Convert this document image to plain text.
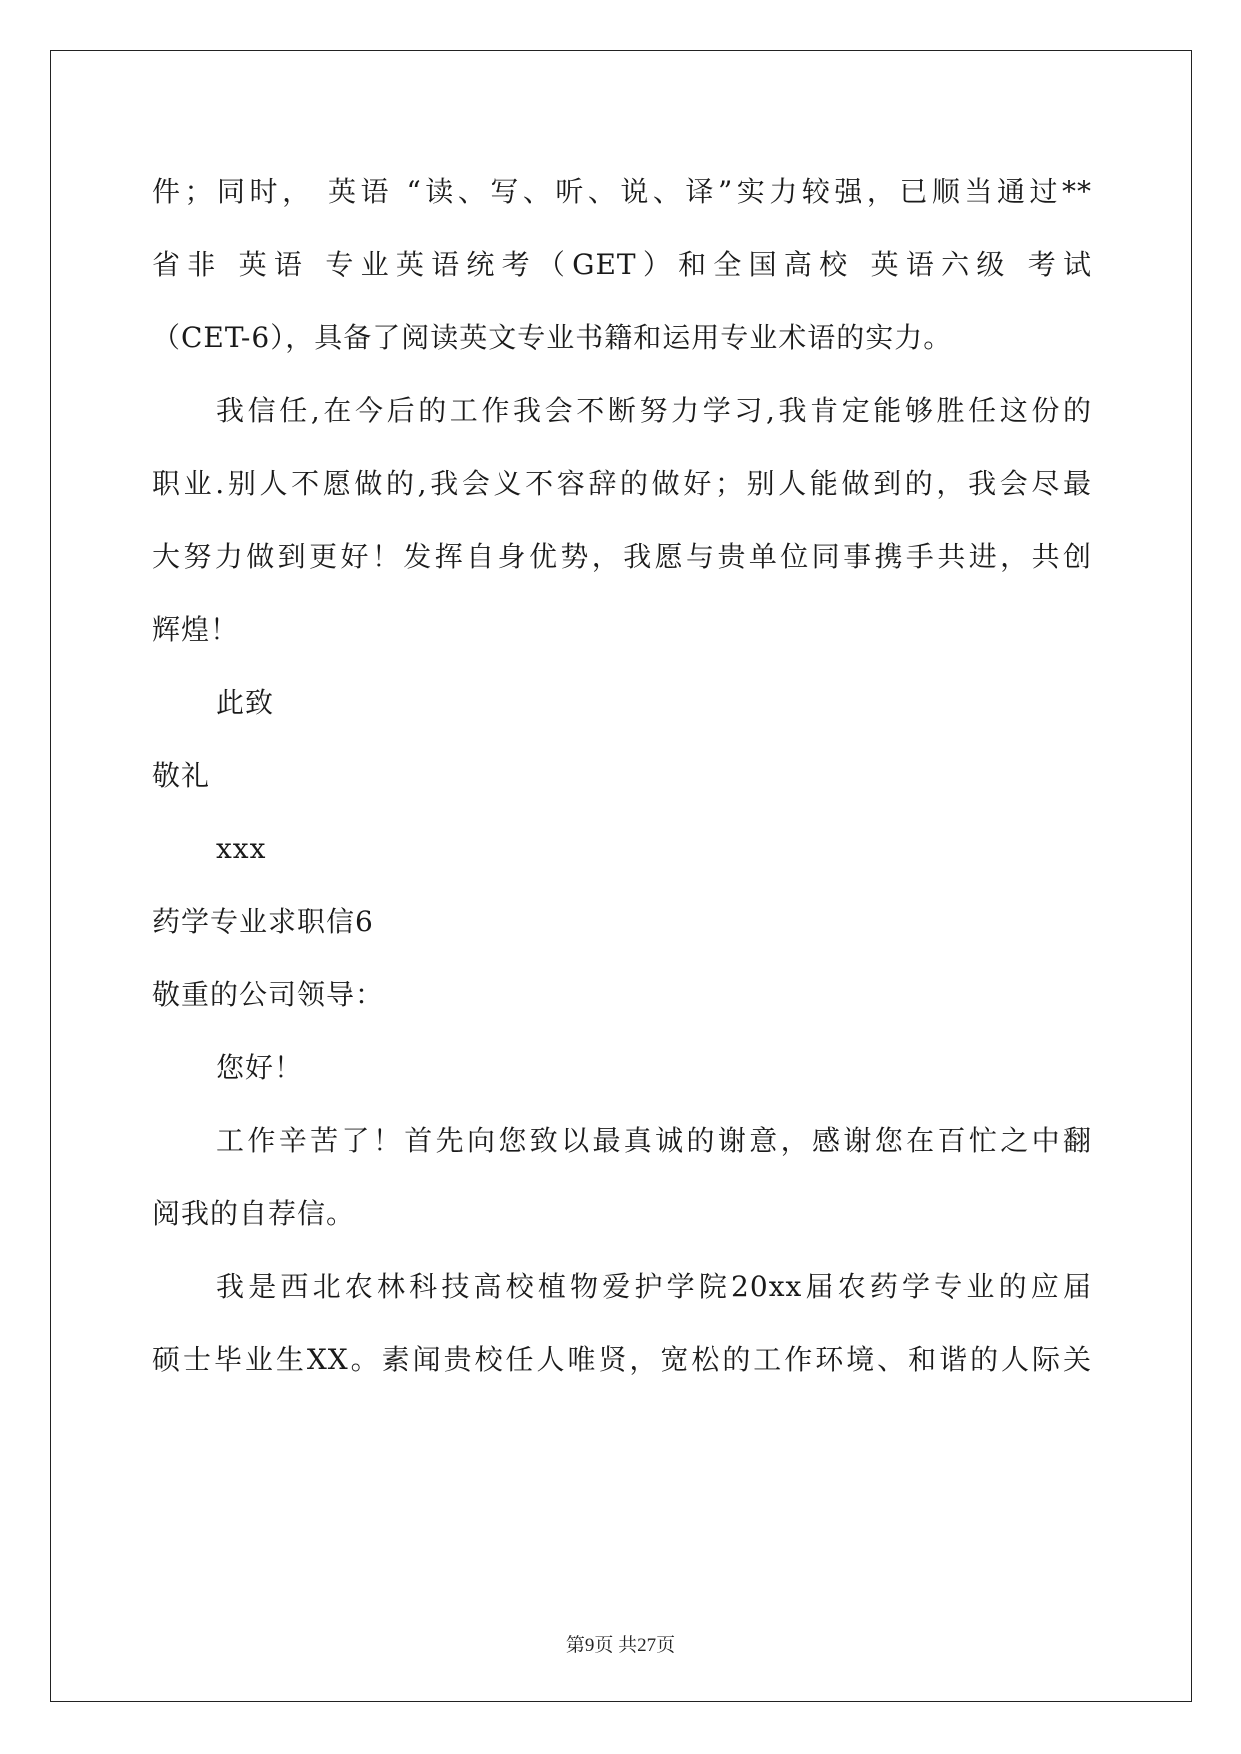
件；同时， 英语 “读、写、听、说、译”实力较强，已顺当通过**
省非 英语 专业英语统考（GET）和全国高校 英语六级 考试
（CET-6），具备了阅读英文专业书籍和运用专业术语的实力。
我信任,在今后的工作我会不断努力学习,我肯定能够胜任这份的
职业.别人不愿做的,我会义不容辞的做好；别人能做到的，我会尽最
大努力做到更好！发挥自身优势，我愿与贵单位同事携手共进，共创
辉煌！
此致
敬礼
xxx
药学专业求职信6
敬重的公司领导：
您好！
工作辛苦了！首先向您致以最真诚的谢意，感谢您在百忙之中翻
阅我的自荐信。
我是西北农林科技高校植物爱护学院20xx届农药学专业的应届
硕士毕业生XX。素闻贵校任人唯贤，宽松的工作环境、和谐的人际关
第9页 共27页
